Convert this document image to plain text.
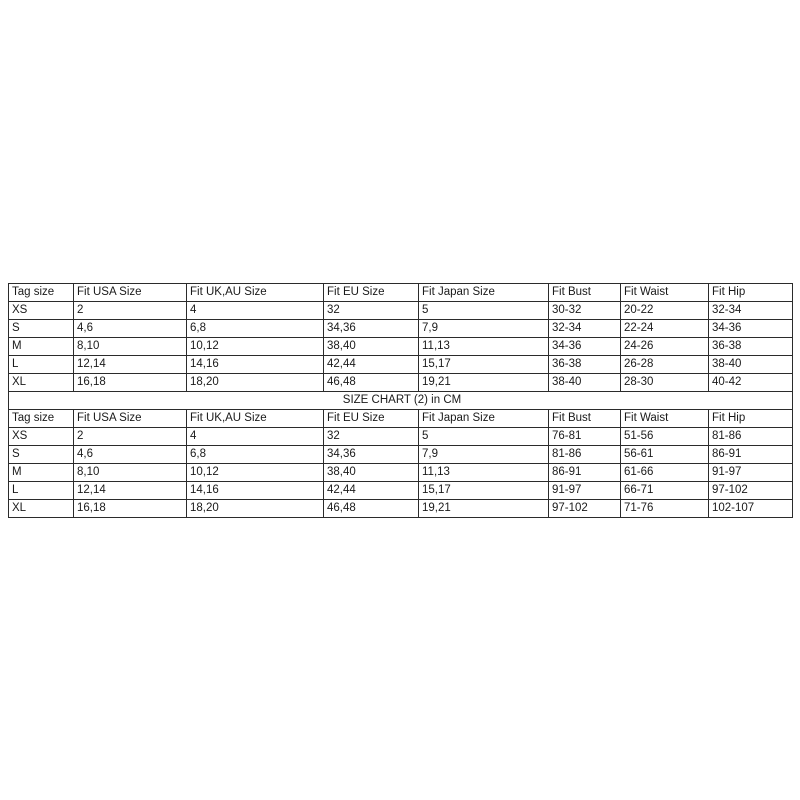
Tag size	Fit USA Size	Fit UK,AU Size	Fit EU Size	Fit Japan Size	Fit Bust	Fit Waist	Fit Hip
XS	2	4	32	5	30-32	20-22	32-34
S	4,6	6,8	34,36	7,9	32-34	22-24	34-36
M	8,10	10,12	38,40	11,13	34-36	24-26	36-38
L	12,14	14,16	42,44	15,17	36-38	26-28	38-40
XL	16,18	18,20	46,48	19,21	38-40	28-30	40-42
SIZE CHART (2) in CM							
Tag size	Fit USA Size	Fit UK,AU Size	Fit EU Size	Fit Japan Size	Fit Bust	Fit Waist	Fit Hip
XS	2	4	32	5	76-81	51-56	81-86
S	4,6	6,8	34,36	7,9	81-86	56-61	86-91
M	8,10	10,12	38,40	11,13	86-91	61-66	91-97
L	12,14	14,16	42,44	15,17	91-97	66-71	97-102
XL	16,18	18,20	46,48	19,21	97-102	71-76	102-107
